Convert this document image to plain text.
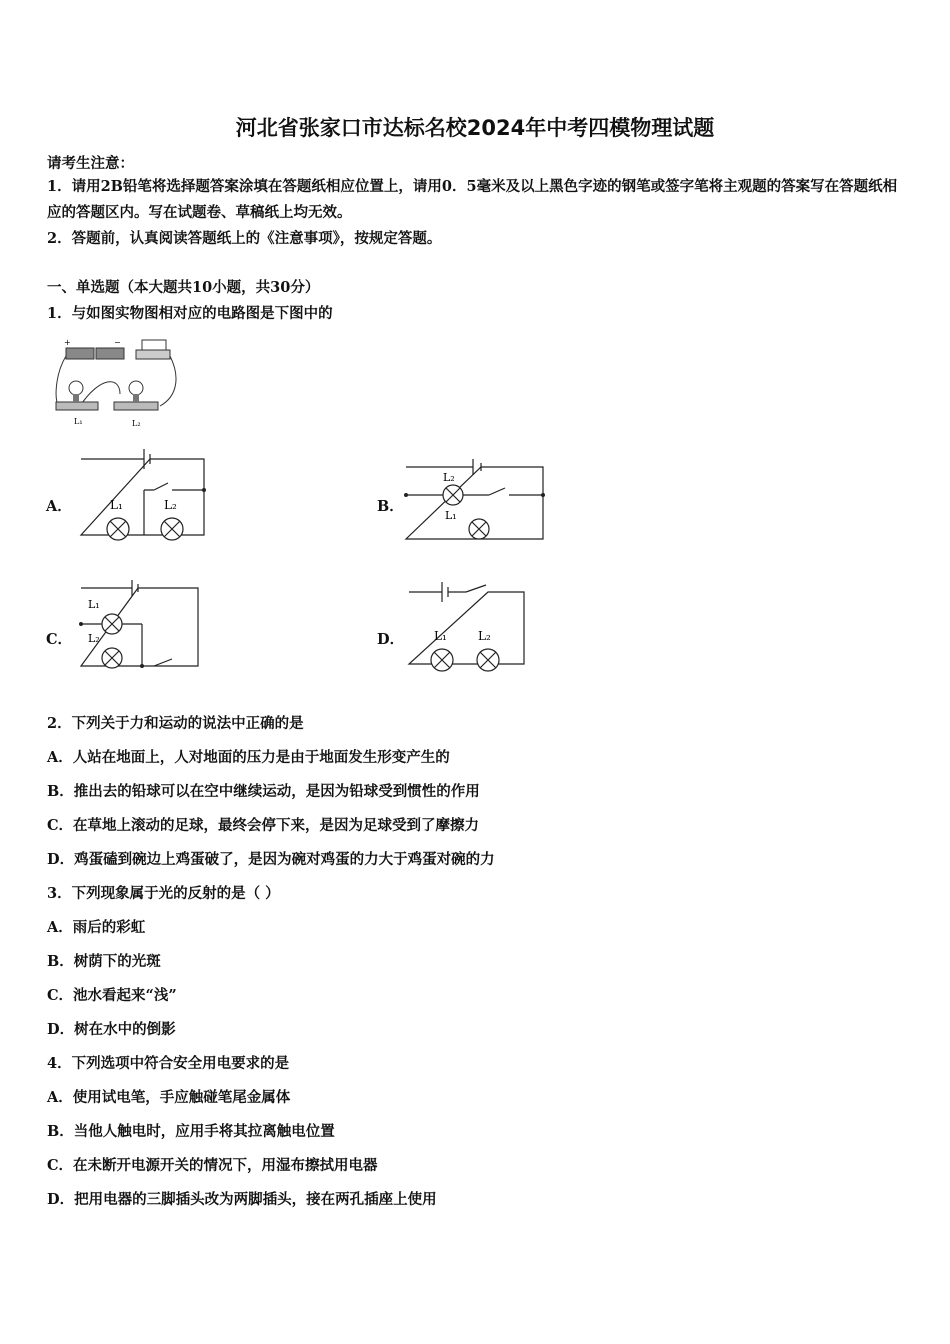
河北省张家口市达标名校2024年中考四模物理试题
请考生注意：
1．请用2B铅笔将选择题答案涂填在答题纸相应位置上，请用0．5毫米及以上黑色字迹的钢笔或签字笔将主观题的答案写在答题纸相应的答题区内。写在试题卷、草稿纸上均无效。
2．答题前，认真阅读答题纸上的《注意事项》，按规定答题。
一、单选题（本大题共10小题，共30分）
1．与如图实物图相对应的电路图是下图中的
+	−
L₁	L₂
A．	L₁	L₂	B．
L₂
L₁
C．
L₁
L₂	D． L₁	L₂
2．下列关于力和运动的说法中正确的是
A．人站在地面上，人对地面的压力是由于地面发生形变产生的
B．推出去的铅球可以在空中继续运动，是因为铅球受到惯性的作用
C．在草地上滚动的足球，最终会停下来，是因为足球受到了摩擦力
D．鸡蛋磕到碗边上鸡蛋破了，是因为碗对鸡蛋的力大于鸡蛋对碗的力
3．下列现象属于光的反射的是（ ）
A．雨后的彩虹
B．树荫下的光斑
C．池水看起来“浅”
D．树在水中的倒影
4．下列选项中符合安全用电要求的是
A．使用试电笔，手应触碰笔尾金属体
B．当他人触电时，应用手将其拉离触电位置
C．在未断开电源开关的情况下，用湿布擦拭用电器
D．把用电器的三脚插头改为两脚插头，接在两孔插座上使用
